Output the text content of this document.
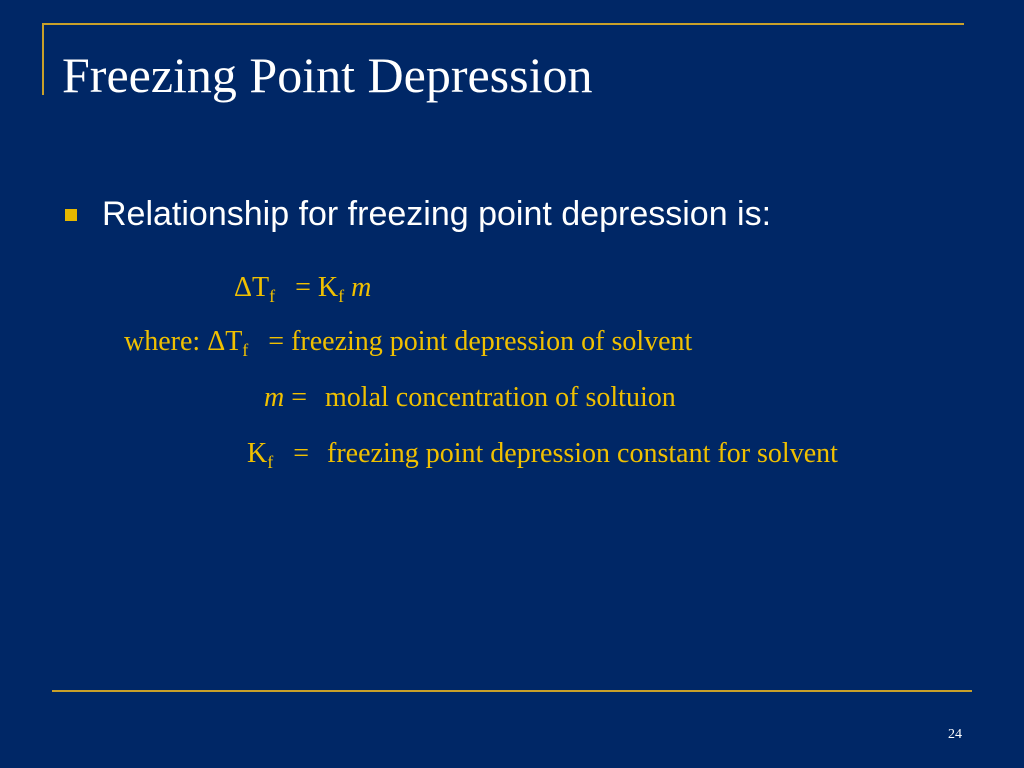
Freezing Point Depression
Relationship for freezing point depression is:
$\Delta T_f = K_f$ m
where: $\Delta T_f$ = freezing point depression of solvent
m = molal concentration of soltuion
$K_f$ = freezing point depression constant for solvent
24
